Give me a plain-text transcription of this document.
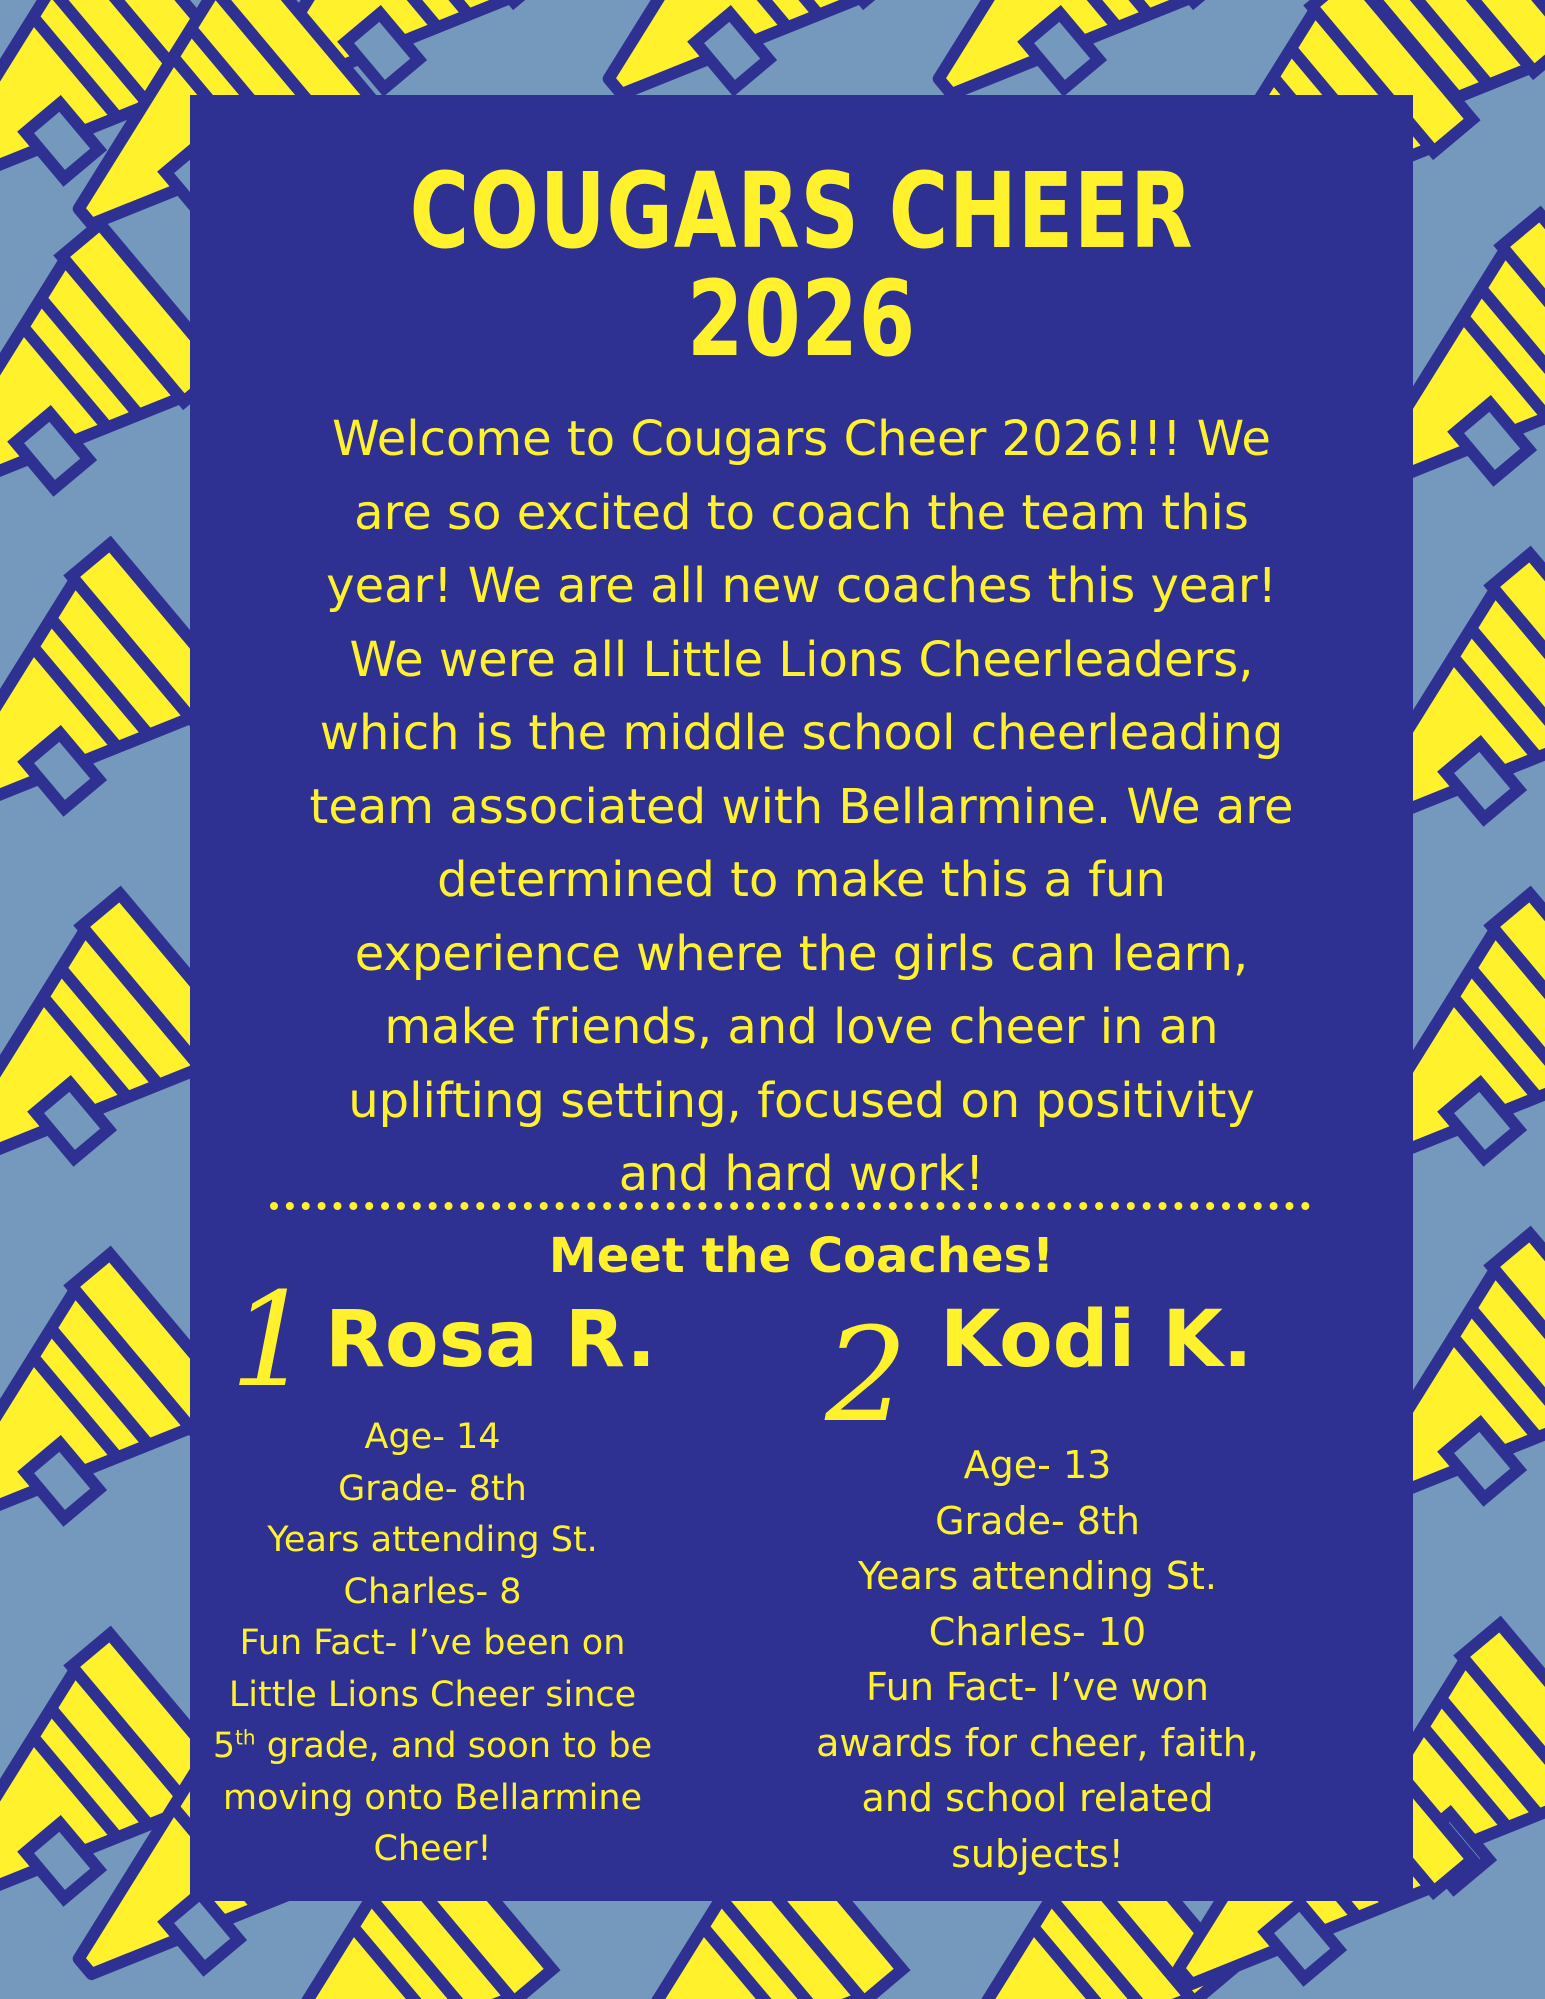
COUGARS CHEER
2026
Welcome to Cougars Cheer 2026!!! We
are so excited to coach the team this
year! We are all new coaches this year!
We were all Little Lions Cheerleaders,
which is the middle school cheerleading
team associated with Bellarmine. We are
determined to make this a fun
experience where the girls can learn,
make friends, and love cheer in an
uplifting setting, focused on positivity
and hard work!
Meet the Coaches!
1 Rosa R.
Age- 14
Grade- 8th
Years attending St.
Charles- 8
Fun Fact- I’ve been on
Little Lions Cheer since
5th grade, and soon to be
moving onto Bellarmine
Cheer!
2 Kodi K.
Age- 13
Grade- 8th
Years attending St.
Charles- 10
Fun Fact- I’ve won
awards for cheer, faith,
and school related
subjects!
